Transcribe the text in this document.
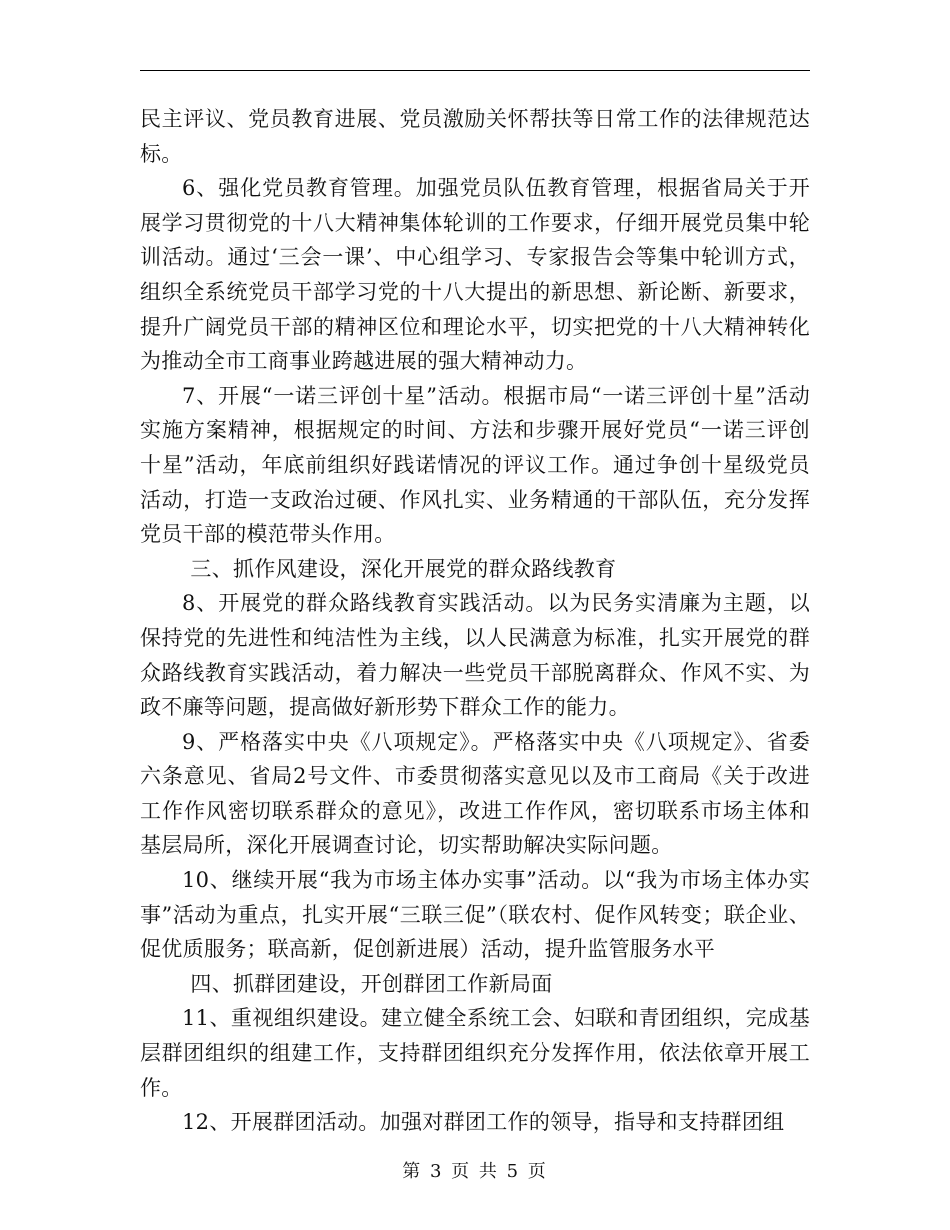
民主评议、党员教育进展、党员激励关怀帮扶等日常工作的法律规范达标。

6、强化党员教育管理。加强党员队伍教育管理，根据省局关于开展学习贯彻党的十八大精神集体轮训的工作要求，仔细开展党员集中轮训活动。通过‘三会一课’、中心组学习、专家报告会等集中轮训方式，组织全系统党员干部学习党的十八大提出的新思想、新论断、新要求，提升广阔党员干部的精神区位和理论水平，切实把党的十八大精神转化为推动全市工商事业跨越进展的强大精神动力。

7、开展“一诺三评创十星”活动。根据市局“一诺三评创十星”活动实施方案精神，根据规定的时间、方法和步骤开展好党员“一诺三评创十星”活动，年底前组织好践诺情况的评议工作。通过争创十星级党员活动，打造一支政治过硬、作风扎实、业务精通的干部队伍，充分发挥党员干部的模范带头作用。

三、抓作风建设，深化开展党的群众路线教育

8、开展党的群众路线教育实践活动。以为民务实清廉为主题，以保持党的先进性和纯洁性为主线，以人民满意为标准，扎实开展党的群众路线教育实践活动，着力解决一些党员干部脱离群众、作风不实、为政不廉等问题，提高做好新形势下群众工作的能力。

9、严格落实中央《八项规定》。严格落实中央《八项规定》、省委六条意见、省局2号文件、市委贯彻落实意见以及市工商局《关于改进工作作风密切联系群众的意见》，改进工作作风，密切联系市场主体和基层局所，深化开展调查讨论，切实帮助解决实际问题。

10、继续开展“我为市场主体办实事”活动。以“我为市场主体办实事”活动为重点，扎实开展“三联三促”（联农村、促作风转变；联企业、促优质服务；联高新，促创新进展）活动，提升监管服务水平

四、抓群团建设，开创群团工作新局面

11、重视组织建设。建立健全系统工会、妇联和青团组织，完成基层群团组织的组建工作，支持群团组织充分发挥作用，依法依章开展工作。

12、开展群团活动。加强对群团工作的领导，指导和支持群团组

第 3 页 共 5 页
